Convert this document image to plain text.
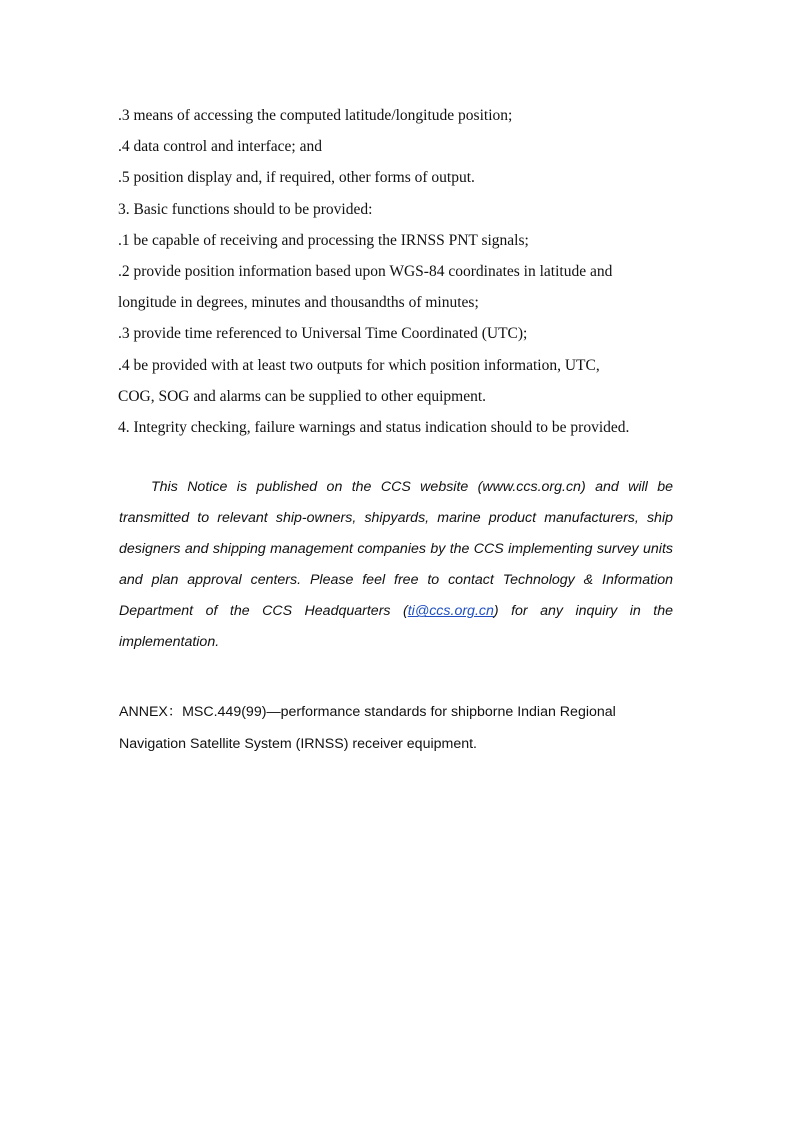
.3 means of accessing the computed latitude/longitude position;
.4 data control and interface; and
.5 position display and, if required, other forms of output.
3. Basic functions should to be provided:
.1 be capable of receiving and processing the IRNSS PNT signals;
.2 provide position information based upon WGS-84 coordinates in latitude and
longitude in degrees, minutes and thousandths of minutes;
.3 provide time referenced to Universal Time Coordinated (UTC);
.4 be provided with at least two outputs for which position information, UTC,
COG, SOG and alarms can be supplied to other equipment.
4. Integrity checking, failure warnings and status indication should to be provided.

This Notice is published on the CCS website (www.ccs.org.cn) and will be transmitted to relevant ship-owners, shipyards, marine product manufacturers, ship designers and shipping management companies by the CCS implementing survey units and plan approval centers. Please feel free to contact Technology & Information Department of the CCS Headquarters (ti@ccs.org.cn) for any inquiry in the implementation.

ANNEX：MSC.449(99)—performance standards for shipborne Indian Regional
Navigation Satellite System (IRNSS) receiver equipment.
